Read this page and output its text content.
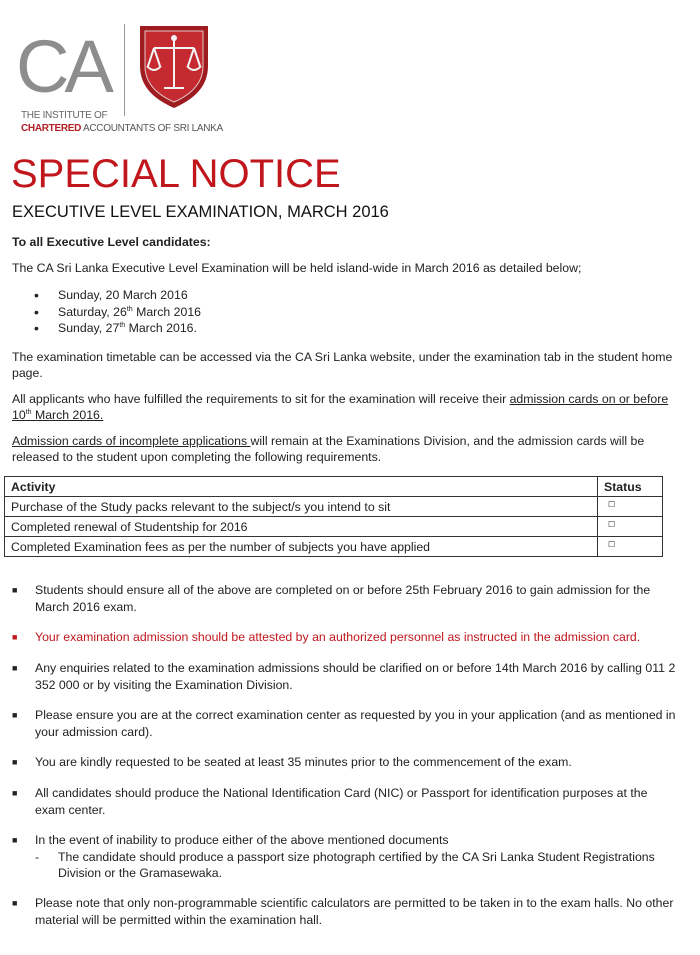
CA
THE INSTITUTE OF
CHARTERED ACCOUNTANTS OF SRI LANKA
SPECIAL NOTICE
EXECUTIVE LEVEL EXAMINATION, MARCH 2016
To all Executive Level candidates:
The CA Sri Lanka Executive Level Examination will be held island-wide in March 2016 as detailed below;
• Sunday, 20 March 2016
• Saturday, 26th March 2016
• Sunday, 27th March 2016.
The examination timetable can be accessed via the CA Sri Lanka website, under the examination tab in the student home page.
All applicants who have fulfilled the requirements to sit for the examination will receive their admission cards on or before 10th March 2016.
Admission cards of incomplete applications will remain at the Examinations Division, and the admission cards will be released to the student upon completing the following requirements.
Activity	Status
Purchase of the Study packs relevant to the subject/s you intend to sit	☐
Completed renewal of Studentship for 2016	☐
Completed Examination fees as per the number of subjects you have applied	☐
■ Students should ensure all of the above are completed on or before 25th February 2016 to gain admission for the March 2016 exam.
■ Your examination admission should be attested by an authorized personnel as instructed in the admission card.
■ Any enquiries related to the examination admissions should be clarified on or before 14th March 2016 by calling 011 2 352 000 or by visiting the Examination Division.
■ Please ensure you are at the correct examination center as requested by you in your application (and as mentioned in your admission card).
■ You are kindly requested to be seated at least 35 minutes prior to the commencement of the exam.
■ All candidates should produce the National Identification Card (NIC) or Passport for identification purposes at the exam center.
■ In the event of inability to produce either of the above mentioned documents
- The candidate should produce a passport size photograph certified by the CA Sri Lanka Student Registrations Division or the Gramasewaka.
■ Please note that only non-programmable scientific calculators are permitted to be taken in to the exam halls. No other material will be permitted within the examination hall.
